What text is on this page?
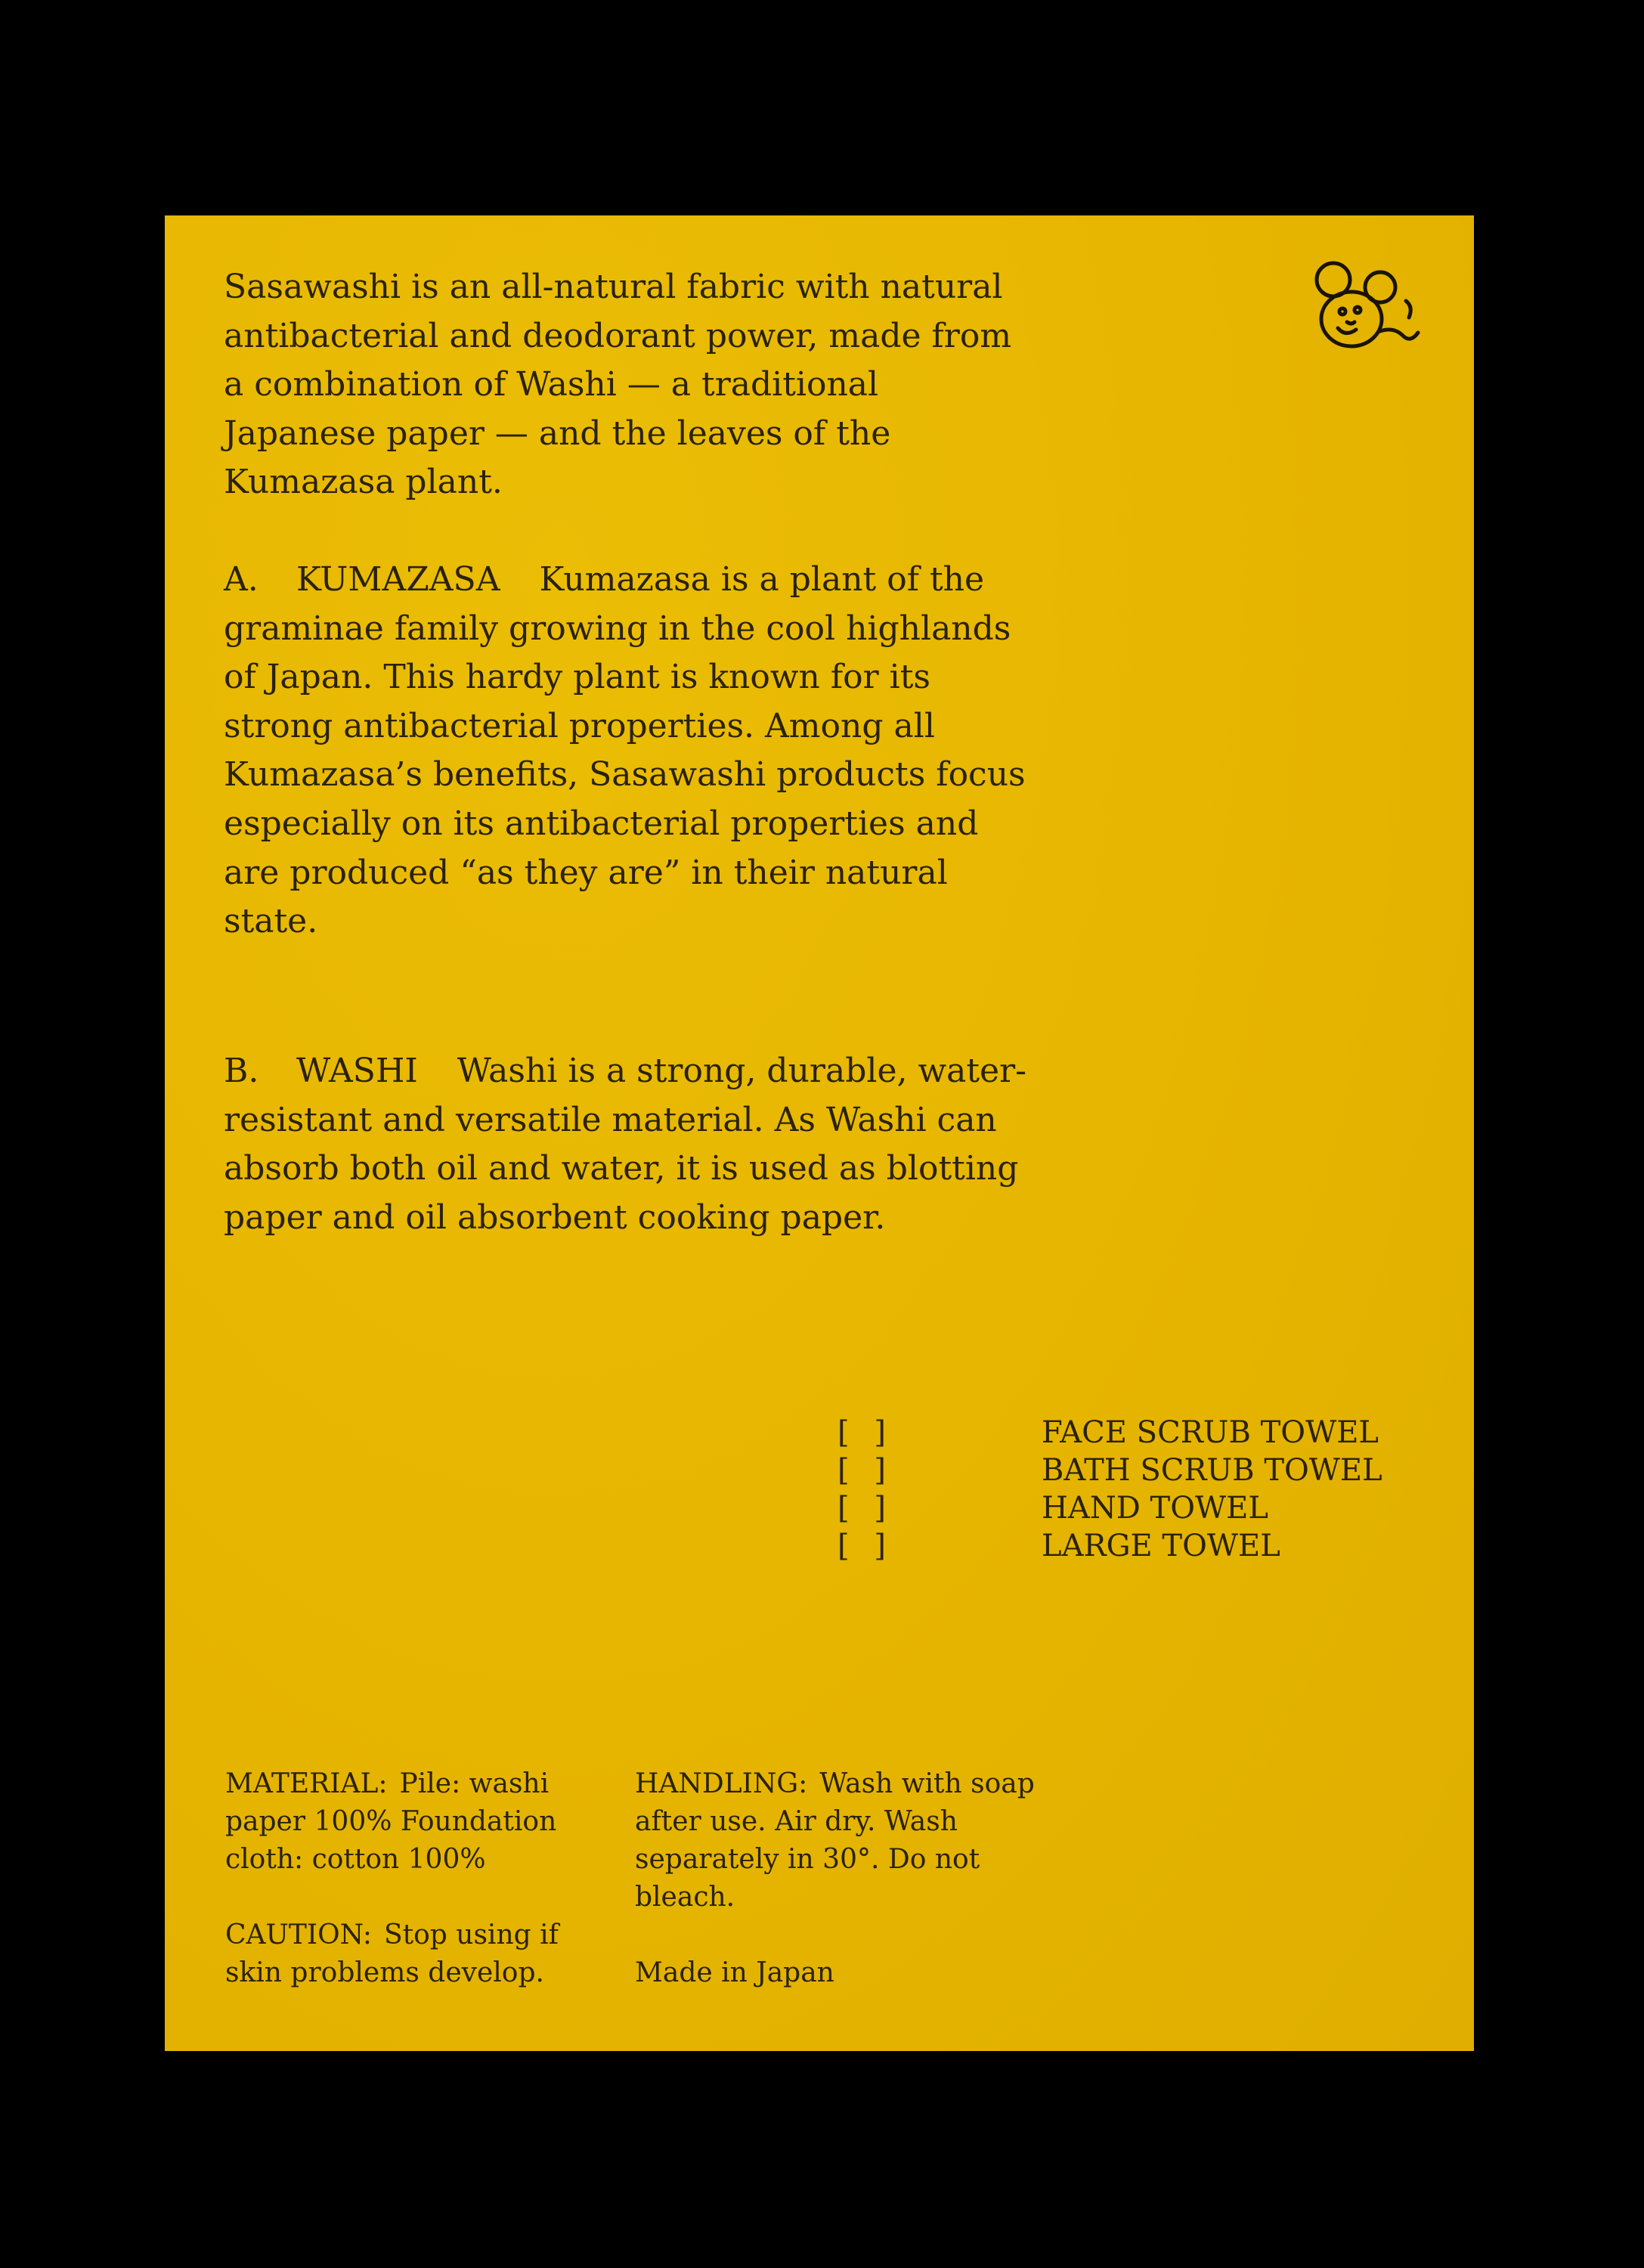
Sasawashi is an all-natural fabric with natural antibacterial and deodorant power, made from a combination of Washi — a traditional Japanese paper — and the leaves of the Kumazasa plant.

A. KUMAZASA Kumazasa is a plant of the graminae family growing in the cool highlands of Japan. This hardy plant is known for its strong antibacterial properties. Among all Kumazasa’s benefits, Sasawashi products focus especially on its antibacterial properties and are produced “as they are” in their natural state.

B. WASHI Washi is a strong, durable, water-resistant and versatile material. As Washi can absorb both oil and water, it is used as blotting paper and oil absorbent cooking paper.

[ ]	FACE SCRUB TOWEL
[ ]	BATH SCRUB TOWEL
[ ]	HAND TOWEL
[ ]	LARGE TOWEL

MATERIAL: Pile: washi paper 100% Foundation cloth: cotton 100%

CAUTION: Stop using if skin problems develop.

HANDLING: Wash with soap after use. Air dry. Wash separately in 30°. Do not bleach.

Made in Japan
